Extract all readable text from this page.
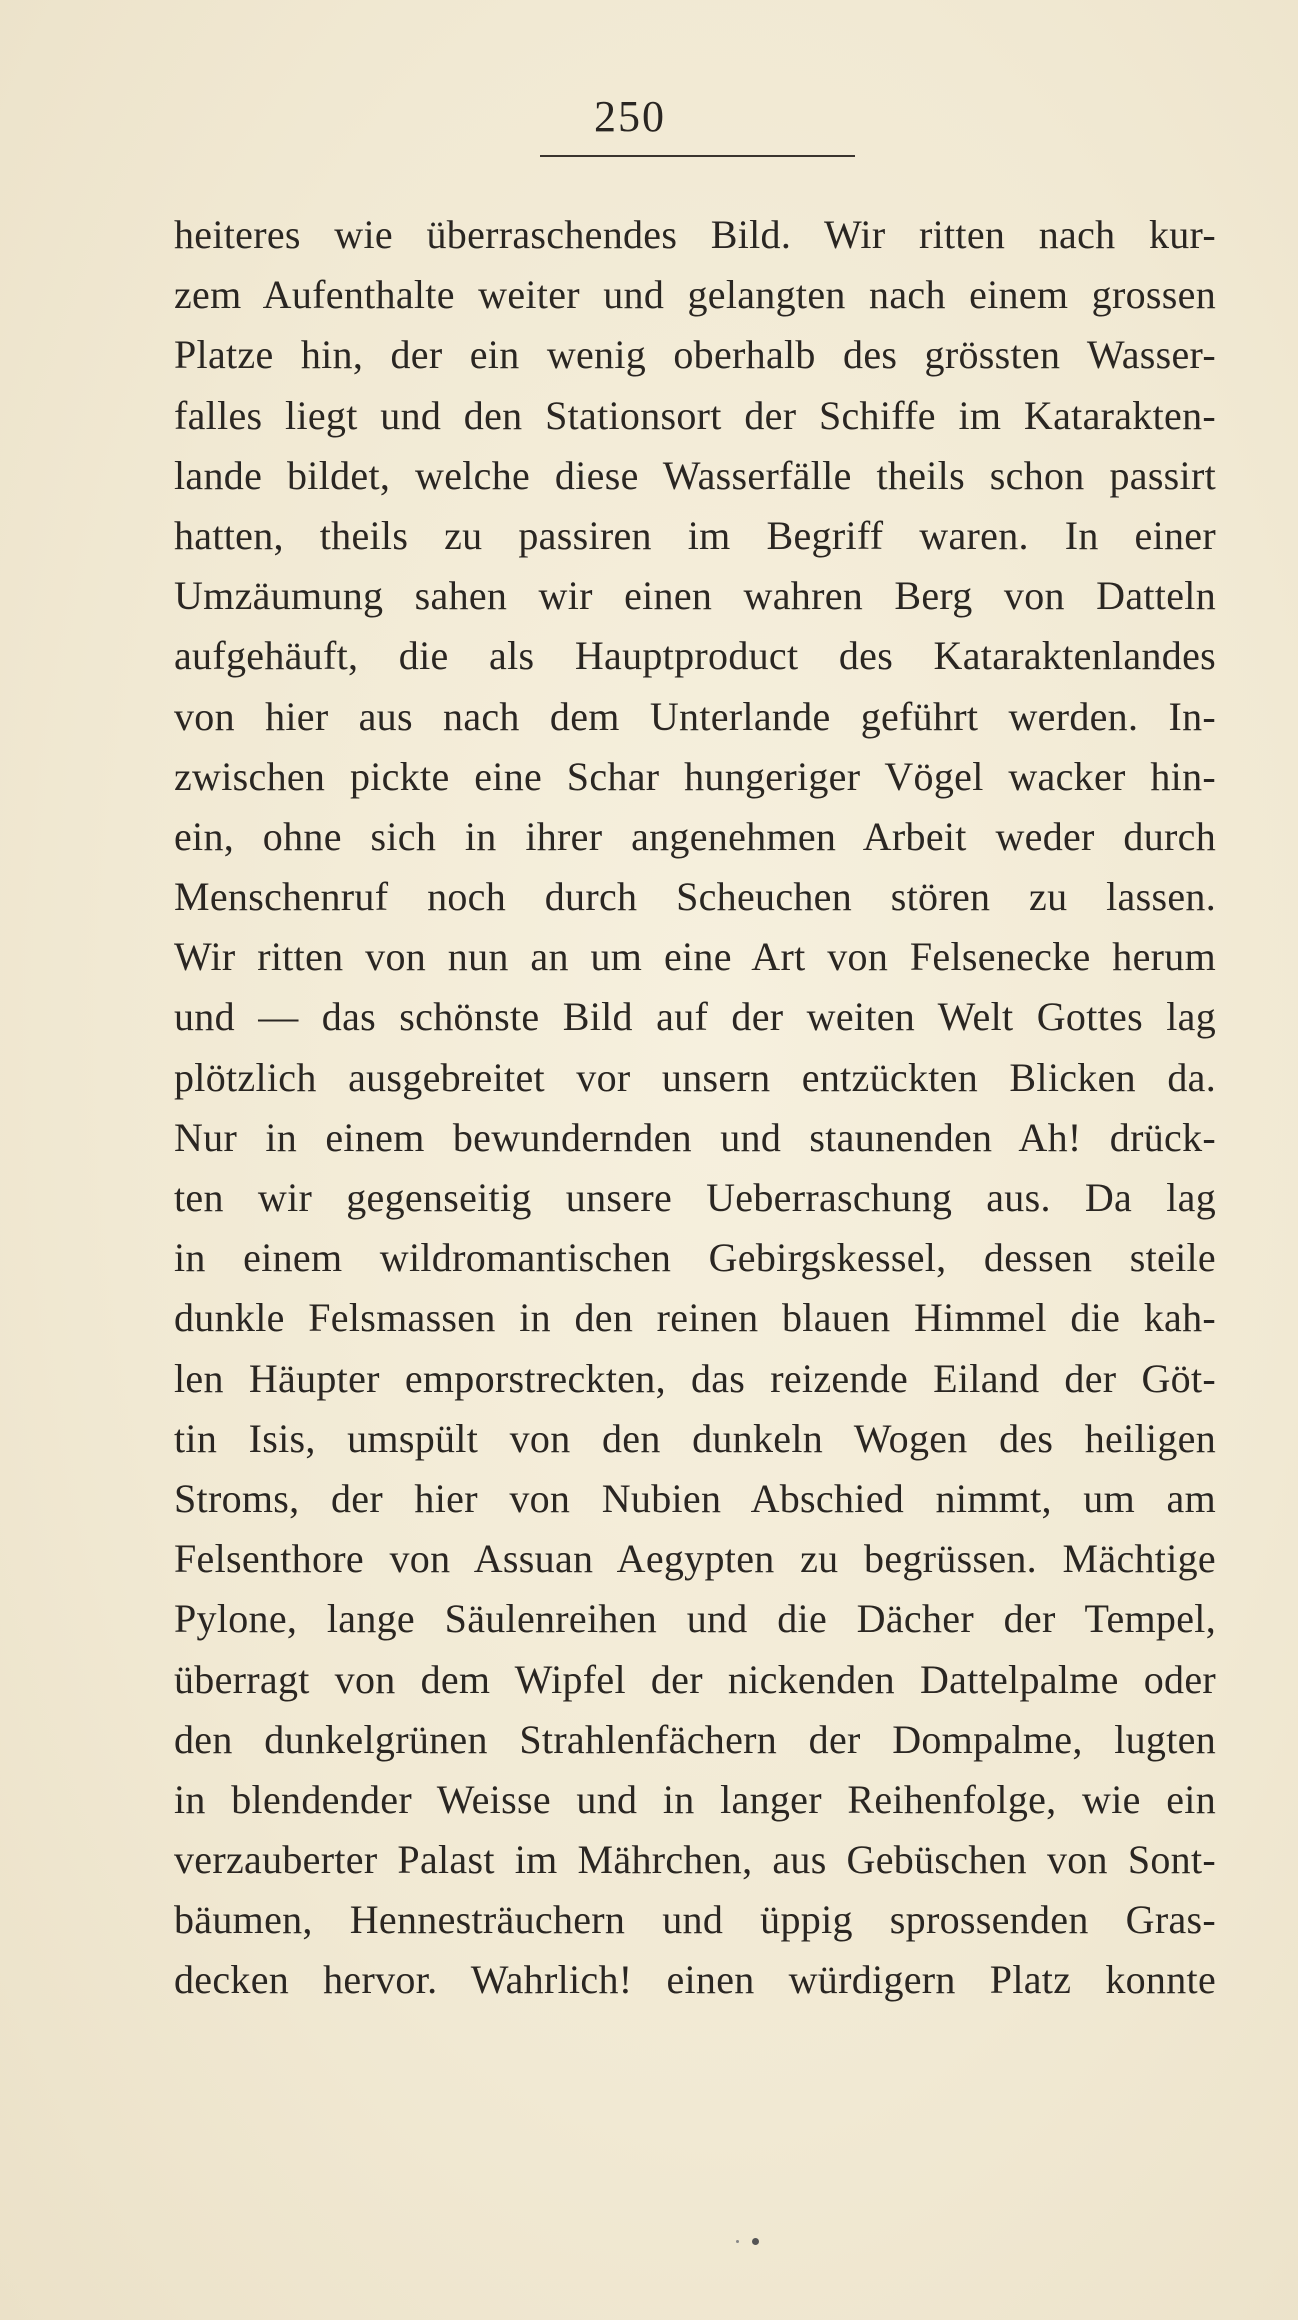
250
heiteres wie überraschendes Bild. Wir ritten nach kur-
zem Aufenthalte weiter und gelangten nach einem grossen
Platze hin, der ein wenig oberhalb des grössten Wasser-
falles liegt und den Stationsort der Schiffe im Katarakten-
lande bildet, welche diese Wasserfälle theils schon passirt
hatten, theils zu passiren im Begriff waren. In einer
Umzäumung sahen wir einen wahren Berg von Datteln
aufgehäuft, die als Hauptproduct des Kataraktenlandes
von hier aus nach dem Unterlande geführt werden. In-
zwischen pickte eine Schar hungeriger Vögel wacker hin-
ein, ohne sich in ihrer angenehmen Arbeit weder durch
Menschenruf noch durch Scheuchen stören zu lassen.
Wir ritten von nun an um eine Art von Felsenecke herum
und — das schönste Bild auf der weiten Welt Gottes lag
plötzlich ausgebreitet vor unsern entzückten Blicken da.
Nur in einem bewundernden und staunenden Ah! drück-
ten wir gegenseitig unsere Ueberraschung aus. Da lag
in einem wildromantischen Gebirgskessel, dessen steile
dunkle Felsmassen in den reinen blauen Himmel die kah-
len Häupter emporstreckten, das reizende Eiland der Göt-
tin Isis, umspült von den dunkeln Wogen des heiligen
Stroms, der hier von Nubien Abschied nimmt, um am
Felsenthore von Assuan Aegypten zu begrüssen. Mächtige
Pylone, lange Säulenreihen und die Dächer der Tempel,
überragt von dem Wipfel der nickenden Dattelpalme oder
den dunkelgrünen Strahlenfächern der Dompalme, lugten
in blendender Weisse und in langer Reihenfolge, wie ein
verzauberter Palast im Mährchen, aus Gebüschen von Sont-
bäumen, Hennesträuchern und üppig sprossenden Gras-
decken hervor. Wahrlich! einen würdigern Platz konnte
